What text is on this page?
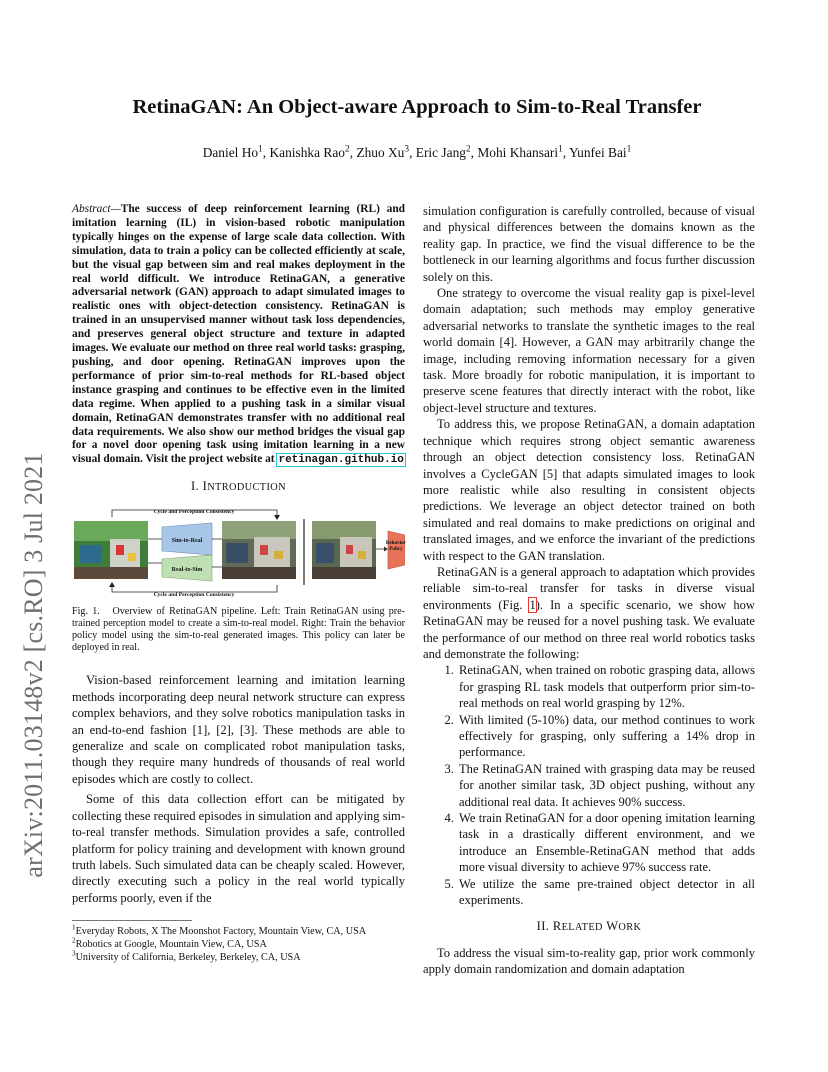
arXiv:2011.03148v2 [cs.RO] 3 Jul 2021
RetinaGAN: An Object-aware Approach to Sim-to-Real Transfer
Daniel Ho$^1$, Kanishka Rao$^2$, Zhuo Xu$^3$, Eric Jang$^2$, Mohi Khansari$^1$, Yunfei Bai$^1$

Abstract—The success of deep reinforcement learning (RL) and imitation learning (IL) in vision-based robotic manipulation typically hinges on the expense of large scale data collection. With simulation, data to train a policy can be collected efficiently at scale, but the visual gap between sim and real makes deployment in the real world difficult. We introduce RetinaGAN, a generative adversarial network (GAN) approach to adapt simulated images to realistic ones with object-detection consistency. RetinaGAN is trained in an unsupervised manner without task loss dependencies, and preserves general object structure and texture in adapted images. We evaluate our method on three real world tasks: grasping, pushing, and door opening. RetinaGAN improves upon the performance of prior sim-to-real methods for RL-based object instance grasping and continues to be effective even in the limited data regime. When applied to a pushing task in a similar visual domain, RetinaGAN demonstrates transfer with no additional real data requirements. We also show our method bridges the visual gap for a novel door opening task using imitation learning in a new visual domain. Visit the project website at retinagan.github.io

I. INTRODUCTION
Cycle and Perception Consistency
Cycle and Perception Consistency
Sim-to-Real
Real-to-Sim
Behavior Policy
Fig. 1. Overview of RetinaGAN pipeline. Left: Train RetinaGAN using pre-trained perception model to create a sim-to-real model. Right: Train the behavior policy model using the sim-to-real generated images. This policy can later be deployed in real.

Vision-based reinforcement learning and imitation learning methods incorporating deep neural network structure can express complex behaviors, and they solve robotics manipulation tasks in an end-to-end fashion [1], [2], [3]. These methods are able to generalize and scale on complicated robot manipulation tasks, though they require many hundreds of thousands of real world episodes which are costly to collect.

Some of this data collection effort can be mitigated by collecting these required episodes in simulation and applying sim-to-real transfer methods. Simulation provides a safe, controlled platform for policy training and development with known ground truth labels. Such simulated data can be cheaply scaled. However, directly executing such a policy in the real world typically performs poorly, even if the

$^1$Everyday Robots, X The Moonshot Factory, Mountain View, CA, USA
$^2$Robotics at Google, Mountain View, CA, USA
$^3$University of California, Berkeley, Berkeley, CA, USA

simulation configuration is carefully controlled, because of visual and physical differences between the domains known as the reality gap. In practice, we find the visual difference to be the bottleneck in our learning algorithms and focus further discussion solely on this.

One strategy to overcome the visual reality gap is pixel-level domain adaptation; such methods may employ generative adversarial networks to translate the synthetic images to the real world domain [4]. However, a GAN may arbitrarily change the image, including removing information necessary for a given task. More broadly for robotic manipulation, it is important to preserve scene features that directly interact with the robot, like object-level structure and textures.

To address this, we propose RetinaGAN, a domain adaptation technique which requires strong object semantic awareness through an object detection consistency loss. RetinaGAN involves a CycleGAN [5] that adapts simulated images to look more realistic while also resulting in consistent objects predictions. We leverage an object detector trained on both simulated and real domains to make predictions on original and translated images, and we enforce the invariant of the predictions with respect to the GAN translation.

RetinaGAN is a general approach to adaptation which provides reliable sim-to-real transfer for tasks in diverse visual environments (Fig. 1). In a specific scenario, we show how RetinaGAN may be reused for a novel pushing task. We evaluate the performance of our method on three real world robotics tasks and demonstrate the following:

1. RetinaGAN, when trained on robotic grasping data, allows for grasping RL task models that outperform prior sim-to-real methods on real world grasping by 12%.
2. With limited (5-10%) data, our method continues to work effectively for grasping, only suffering a 14% drop in performance.
3. The RetinaGAN trained with grasping data may be reused for another similar task, 3D object pushing, without any additional real data. It achieves 90% success.
4. We train RetinaGAN for a door opening imitation learning task in a drastically different environment, and we introduce an Ensemble-RetinaGAN method that adds more visual diversity to achieve 97% success rate.
5. We utilize the same pre-trained object detector in all experiments.
II. RELATED WORK

To address the visual sim-to-reality gap, prior work commonly apply domain randomization and domain adaptation
